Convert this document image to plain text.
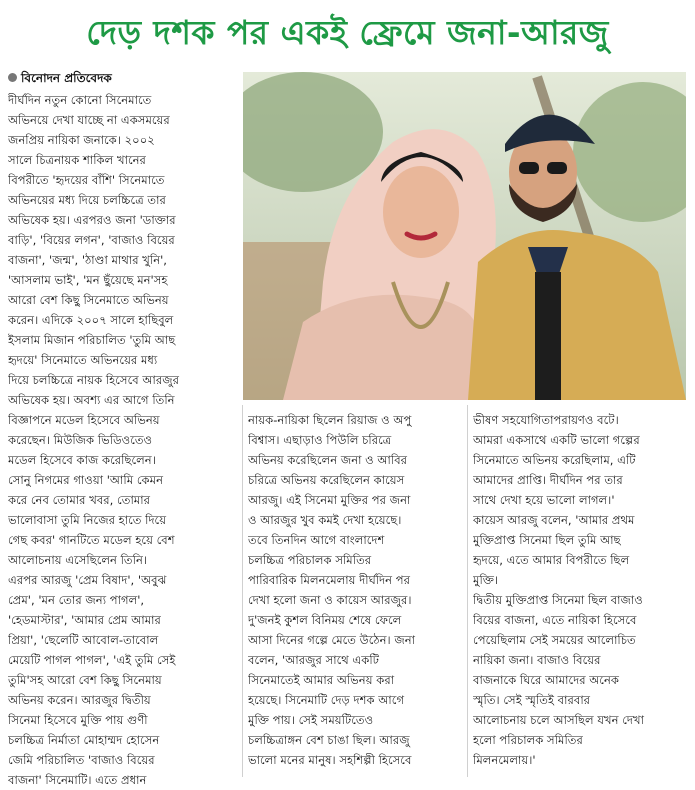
দেড় দশক পর একই ফ্রেমে জনা-আরজু
বিনোদন প্রতিবেদক
দীর্ঘদিন নতুন কোনো সিনেমাতে
অভিনয়ে দেখা যাচ্ছে না একসময়ের
জনপ্রিয় নায়িকা জনাকে। ২০০২
সালে চিত্রনায়ক শাকিল খানের
বিপরীতে 'হৃদয়ের বাঁশি' সিনেমাতে
অভিনয়ের মধ্য দিয়ে চলচ্চিত্রে তার
অভিষেক হয়। এরপরও জনা 'ডাক্তার
বাড়ি', 'বিয়ের লগন', 'বাজাও বিয়ের
বাজনা', 'জন্ম', 'ঠাণ্ডা মাথার খুনি',
'আসলাম ভাই', 'মন ছুঁয়েছে মন'সহ
আরো বেশ কিছু সিনেমাতে অভিনয়
করেন। এদিকে ২০০৭ সালে হাছিবুল
ইসলাম মিজান পরিচালিত 'তুমি আছ
হৃদয়ে' সিনেমাতে অভিনয়ের মধ্য
দিয়ে চলচ্চিত্রে নায়ক হিসেবে আরজুর
অভিষেক হয়। অবশ্য এর আগে তিনি
বিজ্ঞাপনে মডেল হিসেবে অভিনয়
করেছেন। মিউজিক ভিডিওতেও
মডেল হিসেবে কাজ করেছিলেন।
সোনু নিগমের গাওয়া 'আমি কেমন
করে নেব তোমার খবর, তোমার
ভালোবাসা তুমি নিজের হাতে দিয়ে
গেছ কবর' গানটিতে মডেল হয়ে বেশ
আলোচনায় এসেছিলেন তিনি।
এরপর আরজু 'প্রেম বিষাদ', 'অবুঝ
প্রেম', 'মন তোর জন্য পাগল',
'হেডমাস্টার', 'আমার প্রেম আমার
প্রিয়া', 'ছেলেটি আবোল-তাবোল
মেয়েটি পাগল পাগল', 'এই তুমি সেই
তুমি'সহ আরো বেশ কিছু সিনেমায়
অভিনয় করেন। আরজুর দ্বিতীয়
সিনেমা হিসেবে মুক্তি পায় গুণী
চলচ্চিত্র নির্মাতা মোহাম্মদ হোসেন
জেমি পরিচালিত 'বাজাও বিয়ের
বাজনা' সিনেমাটি। এতে প্রধান
নায়ক-নায়িকা ছিলেন রিয়াজ ও অপু
বিশ্বাস। এছাড়াও পিউলি চরিত্রে
অভিনয় করেছিলেন জনা ও আবির
চরিত্রে অভিনয় করেছিলেন কায়েস
আরজু। এই সিনেমা মুক্তির পর জনা
ও আরজুর খুব কমই দেখা হয়েছে।
তবে তিনদিন আগে বাংলাদেশ
চলচ্চিত্র পরিচালক সমিতির
পারিবারিক মিলনমেলায় দীর্ঘদিন পর
দেখা হলো জনা ও কায়েস আরজুর।
দু'জনই কুশল বিনিময় শেষে ফেলে
আসা দিনের গল্পে মেতে উঠেন। জনা
বলেন, 'আরজুর সাথে একটি
সিনেমাতেই আমার অভিনয় করা
হয়েছে। সিনেমাটি দেড় দশক আগে
মুক্তি পায়। সেই সময়টিতেও
চলচ্চিত্রাঙ্গন বেশ চাঙা ছিল। আরজু
ভালো মনের মানুষ। সহশিল্পী হিসেবে
ভীষণ সহযোগিতাপরায়ণও বটে।
আমরা একসাথে একটি ভালো গল্পের
সিনেমাতে অভিনয় করেছিলাম, এটি
আমাদের প্রাপ্তি। দীর্ঘদিন পর তার
সাথে দেখা হয়ে ভালো লাগল।'
কায়েস আরজু বলেন, 'আমার প্রথম
মুক্তিপ্রাপ্ত সিনেমা ছিল তুমি আছ
হৃদয়ে, এতে আমার বিপরীতে ছিল
মুক্তি।
দ্বিতীয় মুক্তিপ্রাপ্ত সিনেমা ছিল বাজাও
বিয়ের বাজনা, এতে নায়িকা হিসেবে
পেয়েছিলাম সেই সময়ের আলোচিত
নায়িকা জনা। বাজাও বিয়ের
বাজনাকে ঘিরে আমাদের অনেক
স্মৃতি। সেই স্মৃতিই বারবার
আলোচনায় চলে আসছিল যখন দেখা
হলো পরিচালক সমিতির
মিলনমেলায়।'
